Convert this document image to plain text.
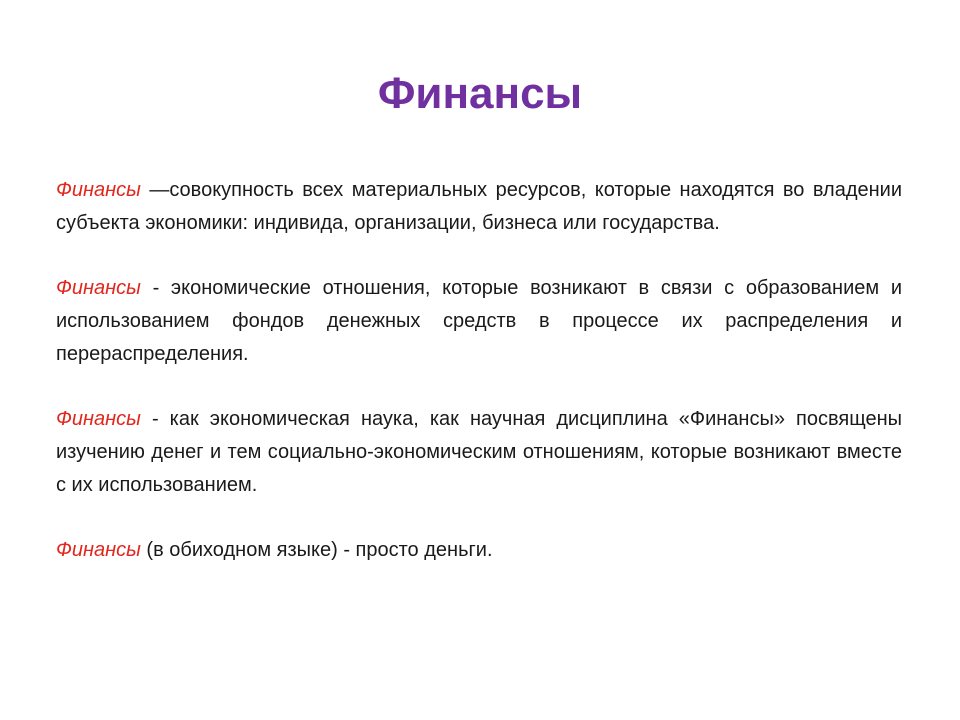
Финансы

Финансы —совокупность всех материальных ресурсов, которые находятся во владении субъекта экономики: индивида, организации, бизнеса или государства.

Финансы - экономические отношения, которые возникают в связи с образованием и использованием фондов денежных средств в процессе их распределения и перераспределения.

Финансы - как экономическая наука, как научная дисциплина «Финансы» посвящены изучению денег и тем социально-экономическим отношениям, которые возникают вместе с их использованием.

Финансы (в обиходном языке) - просто деньги.
